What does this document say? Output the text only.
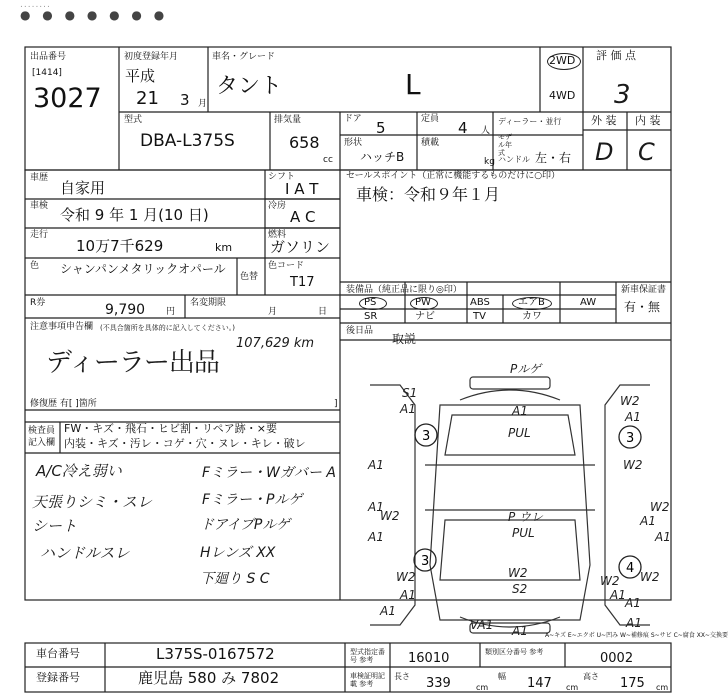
........
● ● ● ● ● ● ●
出品番号
[1414]
3027
初度登録年月
平成
21 3 月
車名・グレード
タント	L
2WD
4WD
評 価 点
3
外 装 内 装
D C
型式
DBA-L375S
排気量
658
cc
ドア 5	定員 4 人
ディーラー・並行
モデル年式
形状
ハッチB
積載
kg ハンドル 左・右
車歴
自家用
車検 令和 9 年 1 月(10 日)
走行
10万7千629	km
シフト
I A T
冷房
A C
燃料
ガソリン
色 シャンパンメタリックオパール
色替
色コード
T17
R券	9,790 円
名変期限
月	日
注意事項申告欄 (不具合箇所を具体的に記入してください。)
ディーラー出品
107,629 km
修復歴 有[ ]箇所	]
検査員
記入欄
FW・キズ・飛石・ヒビ割・リペア跡・×要
内装・キズ・汚レ・コゲ・穴・ヌレ・キレ・破レ
A/C冷え弱い
天張りシミ・スレ
シート
ハンドルスレ
Fミラー・Wガバー A
Fミラー・Pルゲ
ドアイブPルゲ
Hレンズ XX
下廻り S C
セールスポイント（正常に機能するものだけに○印）
車検：令和９年１月
装備品（純正品に限り◎印）	新車保証書
有・無
PS	PW	ABS	エアB	AW
SR	ナビ	TV	カワ
後日品
取説
3	3
3	4
Pルゲ
S1
A1	A1
W2
A1
PUL
A1	W2
A1	W2
P ウレ
PUL
W2	A1
A1	A1
W2
A1
W2
S2
W2
A1
W2
A1
A1
VA1 A1
A1
A~キズ E~エクボ U~凹み W~補修痕 S~サビ C~腐食 XX~交換要
車台番号	L375S-0167572
登録番号	鹿児島 580 み 7802
型式指定番号 参考	16010	類別区分番号 参考	0002
車検証明記載 参考
長さ 339	cm
幅 147 cm
高さ 175 cm
